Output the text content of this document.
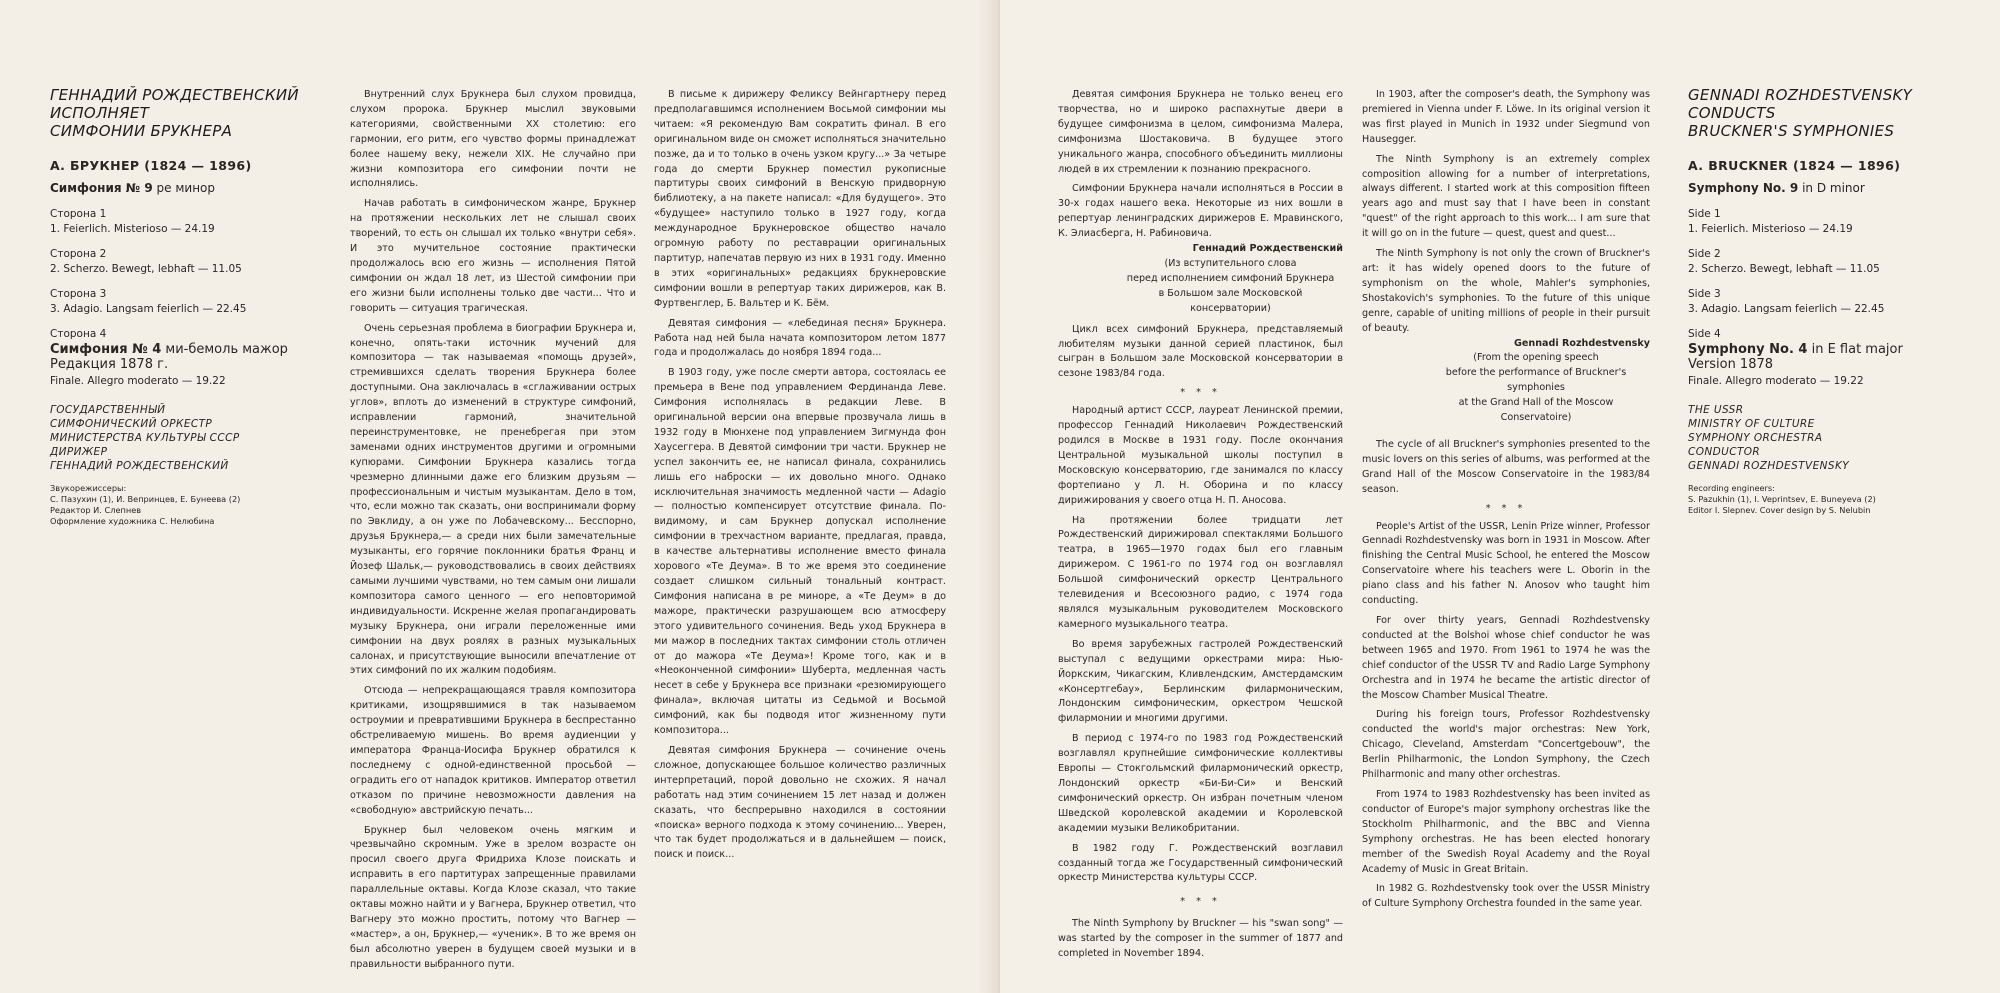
ГЕННАДИЙ РОЖДЕСТВЕНСКИЙ
ИСПОЛНЯЕТ
СИМФОНИИ БРУКНЕРА
А. БРУКНЕР (1824 — 1896)
Симфония № 9 ре минор
Сторона 1
1. Feierlich. Misterioso — 24.19
Сторона 2
2. Scherzo. Bewegt, lebhaft — 11.05
Сторона 3
3. Adagio. Langsam feierlich — 22.45
Сторона 4
Симфония № 4 ми-бемоль мажор
Редакция 1878 г.
Finale. Allegro moderato — 19.22
ГОСУДАРСТВЕННЫЙ
СИМФОНИЧЕСКИЙ ОРКЕСТР
МИНИСТЕРСТВА КУЛЬТУРЫ СССР
ДИРИЖЕР
ГЕННАДИЙ РОЖДЕСТВЕНСКИЙ
Звукорежиссеры:
С. Пазухин (1), И. Вепринцев, Е. Бунеева (2)
Редактор И. Слепнев
Оформление художника С. Нелюбина

Внутренний слух Брукнера был слухом провидца, слухом пророка. Брукнер мыслил звуковыми категориями, свойственными XX столетию: его гармонии, его ритм, его чувство формы принадлежат более нашему веку, нежели XIX. Не случайно при жизни композитора его симфонии почти не исполнялись.

Начав работать в симфоническом жанре, Брукнер на протяжении нескольких лет не слышал своих творений, то есть он слышал их только «внутри себя». И это мучительное состояние практически продолжалось всю его жизнь — исполнения Пятой симфонии он ждал 18 лет, из Шестой симфонии при его жизни были исполнены только две части... Что и говорить — ситуация трагическая.

Очень серьезная проблема в биографии Брукнера и, конечно, опять-таки источник мучений для композитора — так называемая «помощь друзей», стремившихся сделать творения Брукнера более доступными. Она заключалась в «сглаживании острых углов», вплоть до изменений в структуре симфоний, исправлении гармоний, значительной переинструментовке, не пренебрегая при этом заменами одних инструментов другими и огромными купюрами. Симфонии Брукнера казались тогда чрезмерно длинными даже его близким друзьям — профессиональным и чистым музыкантам. Дело в том, что, если можно так сказать, они воспринимали форму по Эвклиду, а он уже по Лобачевскому... Бесспорно, друзья Брукнера,— а среди них были замечательные музыканты, его горячие поклонники братья Франц и Йозеф Шальк,— руководствовались в своих действиях самыми лучшими чувствами, но тем самым они лишали композитора самого ценного — его неповторимой индивидуальности. Искренне желая пропагандировать музыку Брукнера, они играли переложенные ими симфонии на двух роялях в разных музыкальных салонах, и присутствующие выносили впечатление от этих симфоний по их жалким подобиям.

Отсюда — непрекращающаяся травля композитора критиками, изощрявшимися в так называемом остроумии и превратившими Брукнера в беспрестанно обстреливаемую мишень. Во время аудиенции у императора Франца-Иосифа Брукнер обратился к последнему с одной-единственной просьбой — оградить его от нападок критиков. Император ответил отказом по причине невозможности давления на «свободную» австрийскую печать...

Брукнер был человеком очень мягким и чрезвычайно скромным. Уже в зрелом возрасте он просил своего друга Фридриха Клозе поискать и исправить в его партитурах запрещенные правилами параллельные октавы. Когда Клозе сказал, что такие октавы можно найти и у Вагнера, Брукнер ответил, что Вагнеру это можно простить, потому что Вагнер — «мастер», а он, Брукнер,— «ученик». В то же время он был абсолютно уверен в будущем своей музыки и в правильности выбранного пути.

В письме к дирижеру Феликсу Вейнгартнеру перед предполагавшимся исполнением Восьмой симфонии мы читаем: «Я рекомендую Вам сократить финал. В его оригинальном виде он сможет исполняться значительно позже, да и то только в очень узком кругу...» За четыре года до смерти Брукнер поместил рукописные партитуры своих симфоний в Венскую придворную библиотеку, а на пакете написал: «Для будущего». Это «будущее» наступило только в 1927 году, когда международное Брукнеровское общество начало огромную работу по реставрации оригинальных партитур, напечатав первую из них в 1931 году. Именно в этих «оригинальных» редакциях брукнеровские симфонии вошли в репертуар таких дирижеров, как В. Фуртвенглер, Б. Вальтер и К. Бём.

Девятая симфония — «лебединая песня» Брукнера. Работа над ней была начата композитором летом 1877 года и продолжалась до ноября 1894 года...

В 1903 году, уже после смерти автора, состоялась ее премьера в Вене под управлением Фердинанда Леве. Симфония исполнялась в редакции Леве. В оригинальной версии она впервые прозвучала лишь в 1932 году в Мюнхене под управлением Зигмунда фон Хаусеггера. В Девятой симфонии три части. Брукнер не успел закончить ее, не написал финала, сохранились лишь его наброски — их довольно много. Однако исключительная значимость медленной части — Adagio — полностью компенсирует отсутствие финала. По-видимому, и сам Брукнер допускал исполнение симфонии в трехчастном варианте, предлагая, правда, в качестве альтернативы исполнение вместо финала хорового «Те Деума». В то же время это соединение создает слишком сильный тональный контраст. Симфония написана в ре миноре, а «Те Деум» в до мажоре, практически разрушающем всю атмосферу этого удивительного сочинения. Ведь уход Брукнера в ми мажор в последних тактах симфонии столь отличен от до мажора «Те Деума»! Кроме того, как и в «Неоконченной симфонии» Шуберта, медленная часть несет в себе у Брукнера все признаки «резюмирующего финала», включая цитаты из Седьмой и Восьмой симфоний, как бы подводя итог жизненному пути композитора...

Девятая симфония Брукнера — сочинение очень сложное, допускающее большое количество различных интерпретаций, порой довольно не схожих. Я начал работать над этим сочинением 15 лет назад и должен сказать, что беспрерывно находился в состоянии «поиска» верного подхода к этому сочинению... Уверен, что так будет продолжаться и в дальнейшем — поиск, поиск и поиск...

Девятая симфония Брукнера не только венец его творчества, но и широко распахнутые двери в будущее симфонизма в целом, симфонизма Малера, симфонизма Шостаковича. В будущее этого уникального жанра, способного объединить миллионы людей в их стремлении к познанию прекрасного.

Симфонии Брукнера начали исполняться в России в 30-х годах нашего века. Некоторые из них вошли в репертуар ленинградских дирижеров Е. Мравинского, К. Элиасберга, Н. Рабиновича.

Геннадий Рождественский
(Из вступительного слова
перед исполнением симфоний Брукнера
в Большом зале Московской консерватории)

Цикл всех симфоний Брукнера, представляемый любителям музыки данной серией пластинок, был сыгран в Большом зале Московской консерватории в сезоне 1983/84 года.

* * *

Народный артист СССР, лауреат Ленинской премии, профессор Геннадий Николаевич Рождественский родился в Москве в 1931 году. После окончания Центральной музыкальной школы поступил в Московскую консерваторию, где занимался по классу фортепиано у Л. Н. Оборина и по классу дирижирования у своего отца Н. П. Аносова.

На протяжении более тридцати лет Рождественский дирижировал спектаклями Большого театра, в 1965—1970 годах был его главным дирижером. С 1961-го по 1974 год он возглавлял Большой симфонический оркестр Центрального телевидения и Всесоюзного радио, с 1974 года являлся музыкальным руководителем Московского камерного музыкального театра.

Во время зарубежных гастролей Рождественский выступал с ведущими оркестрами мира: Нью-Йоркским, Чикагским, Кливлендским, Амстердамским «Консертгебау», Берлинским филармоническим, Лондонским симфоническим, оркестром Чешской филармонии и многими другими.

В период с 1974-го по 1983 год Рождественский возглавлял крупнейшие симфонические коллективы Европы — Стокгольмский филармонический оркестр, Лондонский оркестр «Би-Би-Си» и Венский симфонический оркестр. Он избран почетным членом Шведской королевской академии и Королевской академии музыки Великобритании.

В 1982 году Г. Рождественский возглавил созданный тогда же Государственный симфонический оркестр Министерства культуры СССР.

* * *

The Ninth Symphony by Bruckner — his "swan song" — was started by the composer in the summer of 1877 and completed in November 1894.

In 1903, after the composer's death, the Symphony was premiered in Vienna under F. Löwe. In its original version it was first played in Munich in 1932 under Siegmund von Hausegger.

The Ninth Symphony is an extremely complex composition allowing for a number of interpretations, always different. I started work at this composition fifteen years ago and must say that I have been in constant "quest" of the right approach to this work... I am sure that it will go on in the future — quest, quest and quest...

The Ninth Symphony is not only the crown of Bruckner's art: it has widely opened doors to the future of symphonism on the whole, Mahler's symphonies, Shostakovich's symphonies. To the future of this unique genre, capable of uniting millions of people in their pursuit of beauty.

Gennadi Rozhdestvensky
(From the opening speech
before the performance of Bruckner's symphonies
at the Grand Hall of the Moscow Conservatoire)

The cycle of all Bruckner's symphonies presented to the music lovers on this series of albums, was performed at the Grand Hall of the Moscow Conservatoire in the 1983/84 season.

* * *

People's Artist of the USSR, Lenin Prize winner, Professor Gennadi Rozhdestvensky was born in 1931 in Moscow. After finishing the Central Music School, he entered the Moscow Conservatoire where his teachers were L. Oborin in the piano class and his father N. Anosov who taught him conducting.

For over thirty years, Gennadi Rozhdestvensky conducted at the Bolshoi whose chief conductor he was between 1965 and 1970. From 1961 to 1974 he was the chief conductor of the USSR TV and Radio Large Symphony Orchestra and in 1974 he became the artistic director of the Moscow Chamber Musical Theatre.

During his foreign tours, Professor Rozhdestvensky conducted the world's major orchestras: New York, Chicago, Cleveland, Amsterdam "Concertgebouw", the Berlin Philharmonic, the London Symphony, the Czech Philharmonic and many other orchestras.

From 1974 to 1983 Rozhdestvensky has been invited as conductor of Europe's major symphony orchestras like the Stockholm Philharmonic, and the BBC and Vienna Symphony orchestras. He has been elected honorary member of the Swedish Royal Academy and the Royal Academy of Music in Great Britain.

In 1982 G. Rozhdestvensky took over the USSR Ministry of Culture Symphony Orchestra founded in the same year.

GENNADI ROZHDESTVENSKY
CONDUCTS
BRUCKNER'S SYMPHONIES
A. BRUCKNER (1824 — 1896)
Symphony No. 9 in D minor
Side 1
1. Feierlich. Misterioso — 24.19
Side 2
2. Scherzo. Bewegt, lebhaft — 11.05
Side 3
3. Adagio. Langsam feierlich — 22.45
Side 4
Symphony No. 4 in E flat major
Version 1878
Finale. Allegro moderato — 19.22
THE USSR
MINISTRY OF CULTURE
SYMPHONY ORCHESTRA
CONDUCTOR
GENNADI ROZHDESTVENSKY
Recording engineers:
S. Pazukhin (1), I. Veprintsev, E. Buneyeva (2)
Editor I. Slepnev. Cover design by S. Nelubin
